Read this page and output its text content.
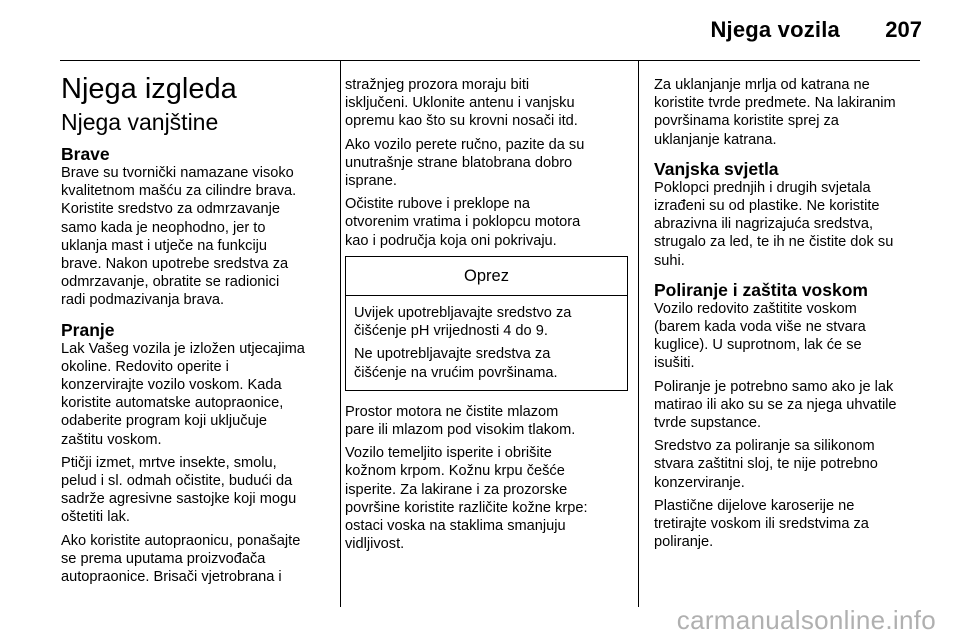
Njega vozila 207
Njega izgleda
Njega vanjštine
Brave

Brave su tvornički namazane visoko
kvalitetnom mašću za cilindre brava.
Koristite sredstvo za odmrzavanje
samo kada je neophodno, jer to
uklanja mast i utječe na funkciju
brave. Nakon upotrebe sredstva za
odmrzavanje, obratite se radionici
radi podmazivanja brava.

Pranje

Lak Vašeg vozila je izložen utjecajima
okoline. Redovito operite i
konzervirajte vozilo voskom. Kada
koristite automatske autopraonice,
odaberite program koji uključuje
zaštitu voskom.

Ptičji izmet, mrtve insekte, smolu,
pelud i sl. odmah očistite, budući da
sadrže agresivne sastojke koji mogu
oštetiti lak.

Ako koristite autopraonicu, ponašajte
se prema uputama proizvođača
autopraonice. Brisači vjetrobrana i

stražnjeg prozora moraju biti
isključeni. Uklonite antenu i vanjsku
opremu kao što su krovni nosači itd.

Ako vozilo perete ručno, pazite da su
unutrašnje strane blatobrana dobro
isprane.

Očistite rubove i preklope na
otvorenim vratima i poklopcu motora
kao i područja koja oni pokrivaju.

Oprez

Uvijek upotrebljavajte sredstvo za
čišćenje pH vrijednosti 4 do 9.

Ne upotrebljavajte sredstva za
čišćenje na vrućim površinama.

Prostor motora ne čistite mlazom
pare ili mlazom pod visokim tlakom.

Vozilo temeljito isperite i obrišite
kožnom krpom. Kožnu krpu češće
isperite. Za lakirane i za prozorske
površine koristite različite kožne krpe:
ostaci voska na staklima smanjuju
vidljivost.

Za uklanjanje mrlja od katrana ne
koristite tvrde predmete. Na lakiranim
površinama koristite sprej za
uklanjanje katrana.

Vanjska svjetla

Poklopci prednjih i drugih svjetala
izrađeni su od plastike. Ne koristite
abrazivna ili nagrizajuća sredstva,
strugalo za led, te ih ne čistite dok su
suhi.

Poliranje i zaštita voskom

Vozilo redovito zaštitite voskom
(barem kada voda više ne stvara
kuglice). U suprotnom, lak će se
isušiti.

Poliranje je potrebno samo ako je lak
matirao ili ako su se za njega uhvatile
tvrde supstance.

Sredstvo za poliranje sa silikonom
stvara zaštitni sloj, te nije potrebno
konzerviranje.

Plastične dijelove karoserije ne
tretirajte voskom ili sredstvima za
poliranje.

carmanualsonline.info
